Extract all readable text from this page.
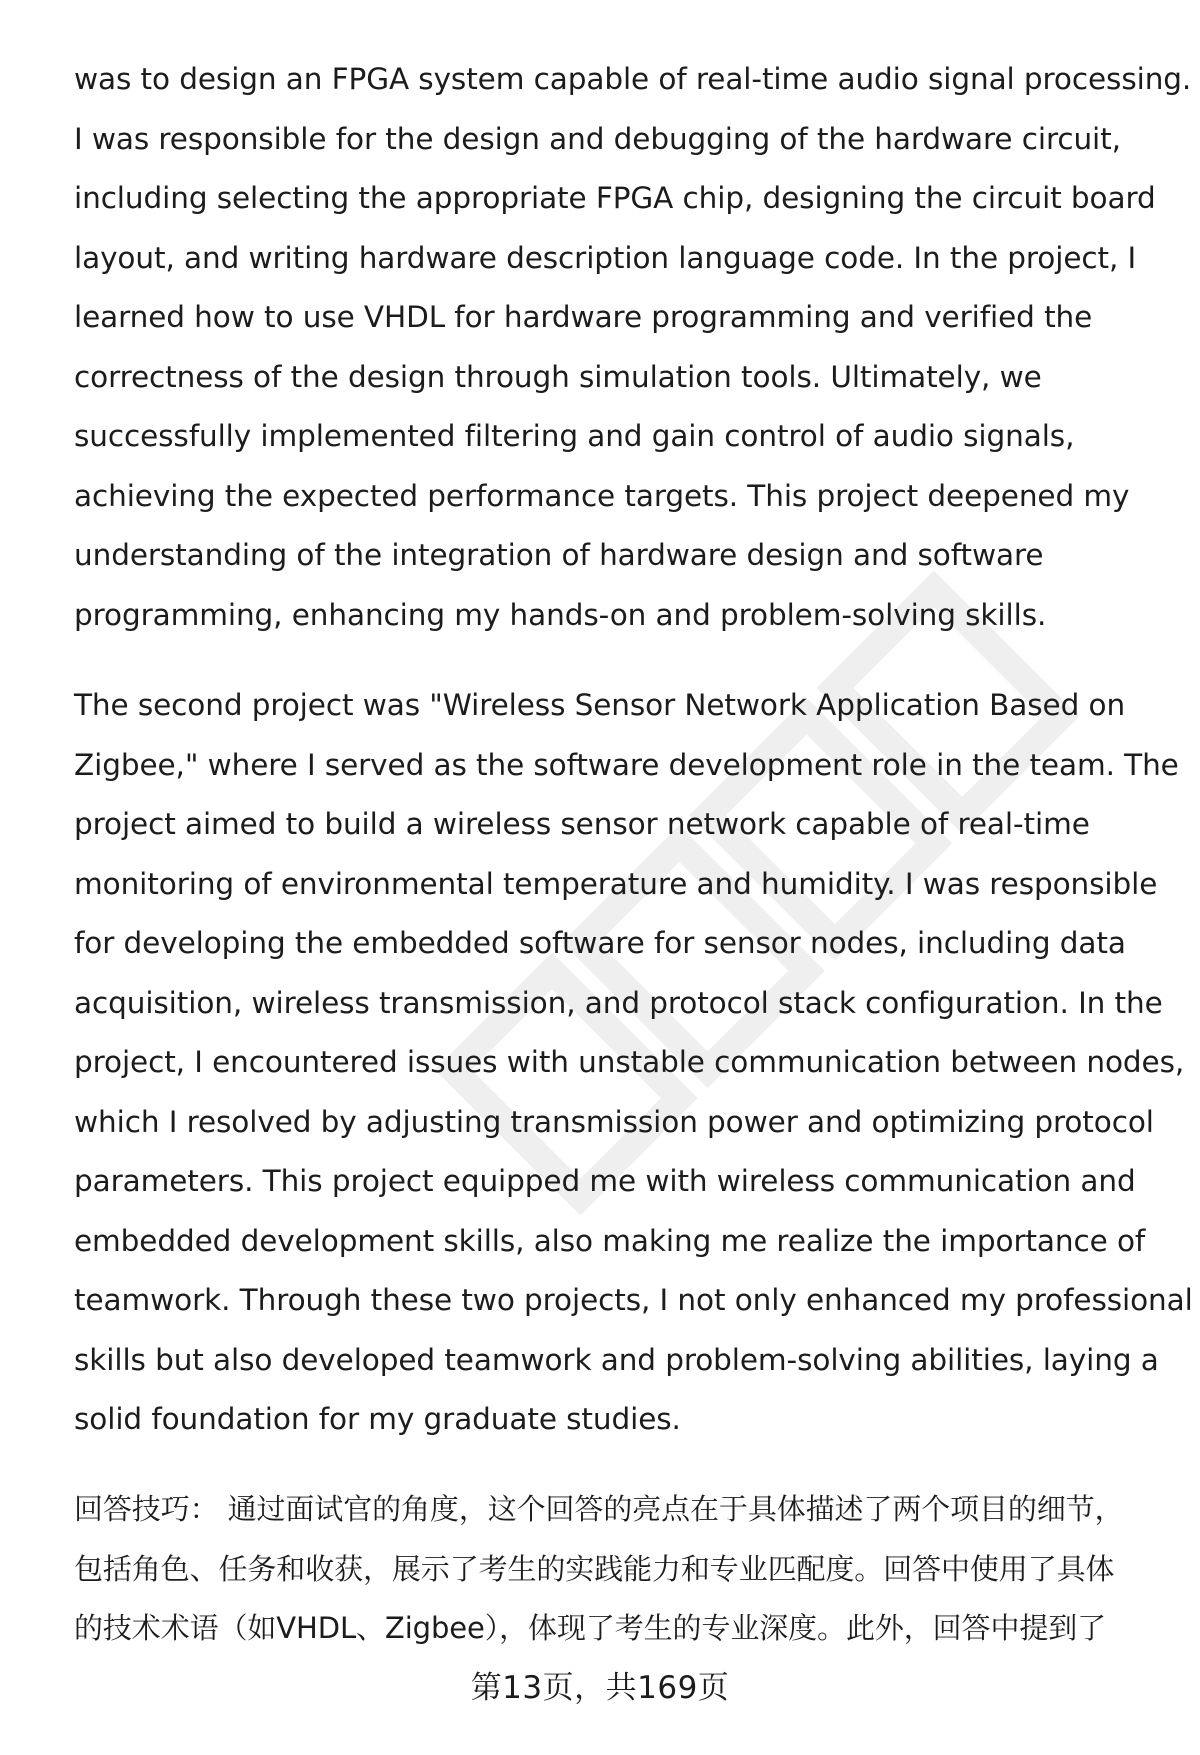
was to design an FPGA system capable of real-time audio signal processing.
I was responsible for the design and debugging of the hardware circuit,
including selecting the appropriate FPGA chip, designing the circuit board
layout, and writing hardware description language code. In the project, I
learned how to use VHDL for hardware programming and verified the
correctness of the design through simulation tools. Ultimately, we
successfully implemented filtering and gain control of audio signals,
achieving the expected performance targets. This project deepened my
understanding of the integration of hardware design and software
programming, enhancing my hands-on and problem-solving skills.
The second project was "Wireless Sensor Network Application Based on
Zigbee," where I served as the software development role in the team. The
project aimed to build a wireless sensor network capable of real-time
monitoring of environmental temperature and humidity. I was responsible
for developing the embedded software for sensor nodes, including data
acquisition, wireless transmission, and protocol stack configuration. In the
project, I encountered issues with unstable communication between nodes,
which I resolved by adjusting transmission power and optimizing protocol
parameters. This project equipped me with wireless communication and
embedded development skills, also making me realize the importance of
teamwork. Through these two projects, I not only enhanced my professional
skills but also developed teamwork and problem-solving abilities, laying a
solid foundation for my graduate studies.
回答技巧： 通过面试官的角度，这个回答的亮点在于具体描述了两个项目的细节，
包括角色、任务和收获，展示了考生的实践能力和专业匹配度。回答中使用了具体
的技术术语（如VHDL、Zigbee），体现了考生的专业深度。此外，回答中提到了
第13页，共169页
